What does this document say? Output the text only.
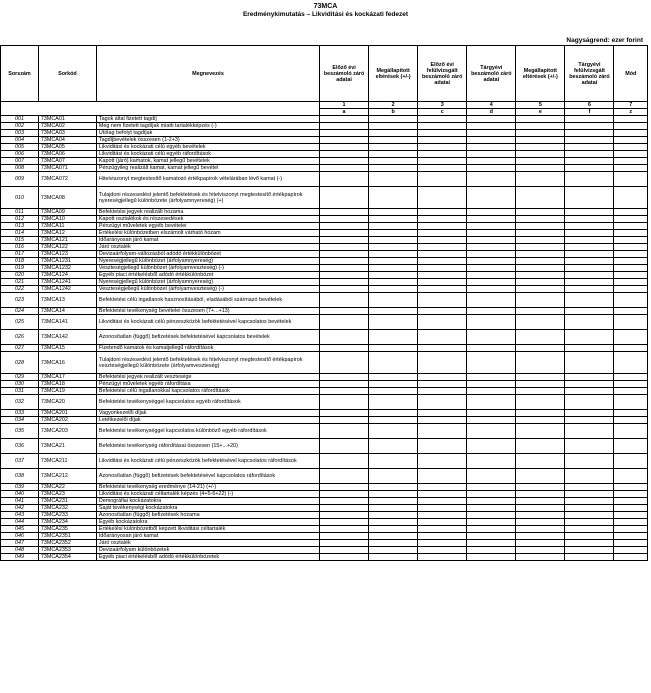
73MCA
Eredménykimutatás – Likviditási és kockázati fedezet
Nagyságrend: ezer forint
Sorszám	Sorkód	Megnevezés	Előző évi beszámoló záró adatai	Megállapított eltérések (+/-)	Előző évi felülvizsgált beszámoló záró adatai	Tárgyévi beszámoló záró adatai	Megállapított eltérések (+/-)	Tárgyévi felülvizsgált beszámoló záró adatai	Mód
			1	2	3	4	5	6	7
			a	b	c	d	e	f	z
001	73MCA01	Tagok által fizetett tagdíj							
002	73MCA02	Meg nem fizetett tagdíjak miatti tartalékképzés (-)							
003	73MCA03	Utólag befolyt tagdíjak							
004	73MCA04	Tagdíjbevételek összesen (1-2+3)							
005	73MCA05	Likviditási és kockázati célú egyéb bevételek							
006	73MCA06	Likviditási és kockázati célú egyéb ráfordítások							
007	73MCA07	Kapott (járó) kamatok, kamat jellegű bevételek							
008	73MCA071	Pénzügyileg realizált kamat, kamat jellegű bevétel							
009	73MCA072	Hitelviszonyt megtestesítő kamatozó értékpapírok vételárában lévő kamat (-)							
010	73MCA08	Tulajdoni részesedést jelentő befektetések és hitelviszonyt megtestesítő értékpapírok nyereségjellegű különbözete (árfolyamnyereség) (+)							
011	73MCA09	Befektetési jegyek realizált hozama							
012	73MCA10	Kapott osztalékok és részesedések							
013	73MCA11	Pénzügyi műveletek egyéb bevételei							
014	73MCA12	Értékelési különbözetben elszámolt várható hozam							
015	73MCA121	Időarányosan járó kamat							
016	73MCA122	Járó osztalék							
017	73MCA123	Devizaárfolyam-változásból adódó értékkülönbözet							
018	73MCA1231	Nyereségjellegű különbözet (árfolyamnyereség)							
019	73MCA1232	Veszteségjellegű különbözet (árfolyamveszteség) (-)							
020	73MCA124	Egyéb piaci értékelésből adódó értékkülönbözet							
021	73MCA1241	Nyereségjellegű különbözet (árfolyamnyereség)							
022	73MCA1242	Veszteségjellegű különbözet (árfolyamveszteség) (-)							
023	73MCA13	Befektetési célú ingatlanok hasznosításából, eladásából származó bevételek							
024	73MCA14	Befektetési tevékenység bevételei összesen (7+...+13)							
025	73MCA141	Likviditási és kockázati célú pénzeszközök befektetésével kapcsolatos bevételek							
026	73MCA142	Azonosítatlan (függő) befizetések befektetésével kapcsolatos bevételek							
027	73MCA15	Fizetendő kamatok és kamatjellegű ráfordítások							
028	73MCA16	Tulajdoni részesedést jelentő befektetések és hitelviszonyt megtestesítő értékpapírok veszteségjellegű különbözete (árfolyamveszteség)							
029	73MCA17	Befektetési jegyek realizált vesztesége							
030	73MCA18	Pénzügyi műveletek egyéb ráfordítása							
031	73MCA19	Befektetési célú ingatlanokkal kapcsolatos ráfordítások							
032	73MCA20	Befektetési tevékenységgel kapcsolatos egyéb ráfordítások							
033	73MCA201	Vagyonkezelői díjak							
034	73MCA202	Letétkezelői díjak							
035	73MCA203	Befektetési tevékenységgel kapcsolatos különböző egyéb ráfordítások							
036	73MCA21	Befektetési tevékenység ráfordításai összesen (15+...+20)							
037	73MCA211	Likviditási és kockázati célú pénzeszközök befektetésével kapcsolatos ráfordítások							
038	73MCA212	Azonosítatlan (függő) befizetések befektetésével kapcsolatos ráfordítások							
039	73MCA22	Befektetési tevékenység eredménye (14-21) (+/-)							
040	73MCA23	Likviditási és kockázati céltartalék képzés (4+5-6+22) (-)							
041	73MCA231	Demográfiai kockázatokra							
042	73MCA232	Saját tevékenységi kockázatokra							
043	73MCA233	Azonosítatlan (függő) befizetések hozama							
044	73MCA234	Egyéb kockázatokra							
045	73MCA235	Értékelési különbözetből képzett likviditási céltartalék							
046	73MCA2351	Időarányosan járó kamat							
047	73MCA2352	Járó osztalék							
048	73MCA2353	Devizaárfolyam különbözetek							
049	73MCA2354	Egyéb piaci értékelésből adódó értékkülönbözetek							
